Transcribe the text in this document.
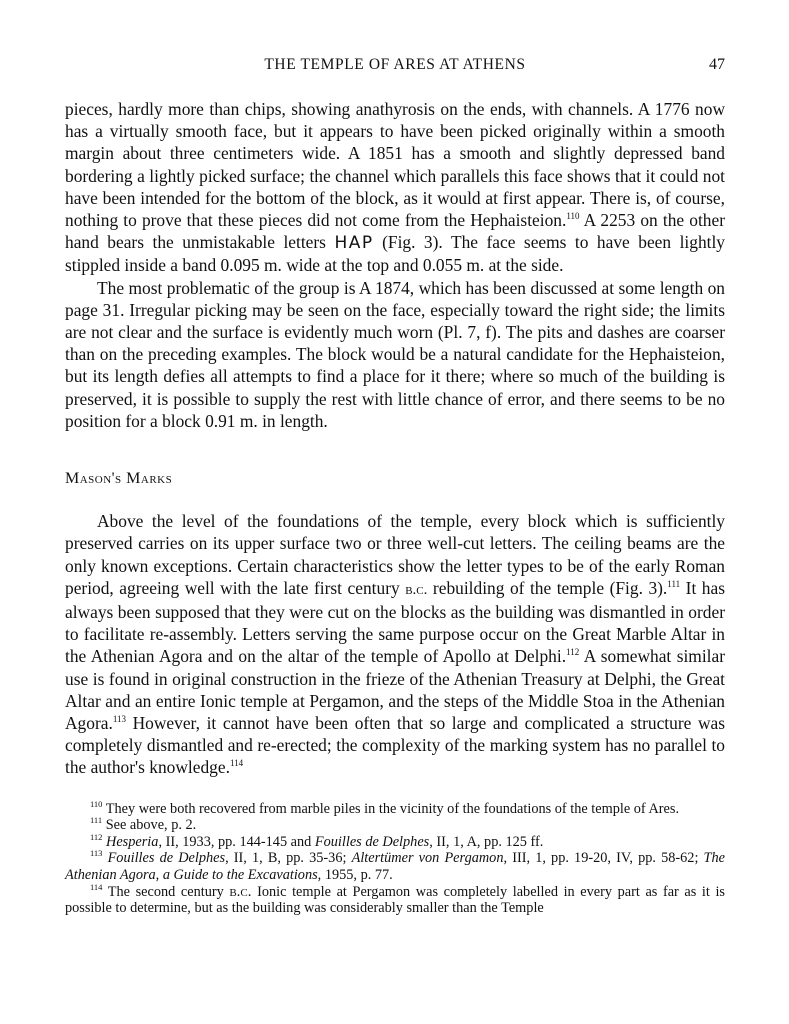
THE TEMPLE OF ARES AT ATHENS	47

pieces, hardly more than chips, showing anathyrosis on the ends, with channels. A 1776 now has a virtually smooth face, but it appears to have been picked originally within a smooth margin about three centimeters wide. A 1851 has a smooth and slightly depressed band bordering a lightly picked surface; the channel which parallels this face shows that it could not have been intended for the bottom of the block, as it would at first appear. There is, of course, nothing to prove that these pieces did not come from the Hephaisteion.$^{110}$ A 2253 on the other hand bears the unmistakable letters HAP (Fig. 3). The face seems to have been lightly stippled inside a band 0.095 m. wide at the top and 0.055 m. at the side.

The most problematic of the group is A 1874, which has been discussed at some length on page 31. Irregular picking may be seen on the face, especially toward the right side; the limits are not clear and the surface is evidently much worn (Pl. 7, f). The pits and dashes are coarser than on the preceding examples. The block would be a natural candidate for the Hephaisteion, but its length defies all attempts to find a place for it there; where so much of the building is preserved, it is possible to supply the rest with little chance of error, and there seems to be no position for a block 0.91 m. in length.

Mason's Marks

Above the level of the foundations of the temple, every block which is sufficiently preserved carries on its upper surface two or three well-cut letters. The ceiling beams are the only known exceptions. Certain characteristics show the letter types to be of the early Roman period, agreeing well with the late first century b.c. rebuilding of the temple (Fig. 3).$^{111}$ It has always been supposed that they were cut on the blocks as the building was dismantled in order to facilitate re-assembly. Letters serving the same purpose occur on the Great Marble Altar in the Athenian Agora and on the altar of the temple of Apollo at Delphi.$^{112}$ A somewhat similar use is found in original construction in the frieze of the Athenian Treasury at Delphi, the Great Altar and an entire Ionic temple at Pergamon, and the steps of the Middle Stoa in the Athenian Agora.$^{113}$ However, it cannot have been often that so large and complicated a structure was completely dismantled and re-erected; the complexity of the marking system has no parallel to the author's knowledge.$^{114}$

$^{110}$ They were both recovered from marble piles in the vicinity of the foundations of the temple of Ares.

$^{111}$ See above, p. 2.

$^{112}$ Hesperia, II, 1933, pp. 144-145 and Fouilles de Delphes, II, 1, A, pp. 125 ff.

$^{113}$ Fouilles de Delphes, II, 1, B, pp. 35-36; Altertümer von Pergamon, III, 1, pp. 19-20, IV, pp. 58-62; The Athenian Agora, a Guide to the Excavations, 1955, p. 77.

$^{114}$ The second century b.c. Ionic temple at Pergamon was completely labelled in every part as far as it is possible to determine, but as the building was considerably smaller than the Temple
